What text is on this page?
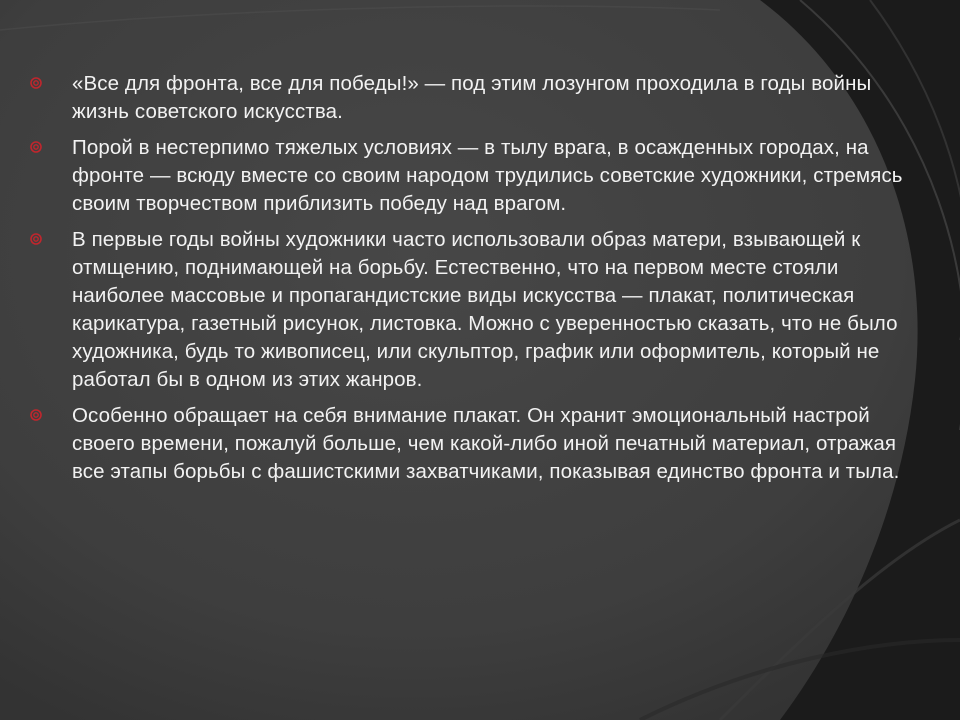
«Все для фронта, все для победы!» — под этим лозунгом проходила в годы войны жизнь советского искусства.
Порой в нестерпимо тяжелых условиях — в тылу врага, в осажденных городах, на фронте — всюду вместе со своим народом трудились советские художники, стремясь своим творчеством приблизить победу над врагом.
В первые годы войны художники часто использовали образ матери, взывающей к отмщению, поднимающей на борьбу. Естественно, что на первом месте стояли наиболее массовые и пропагандистские виды искусства — плакат, политическая карикатура, газетный рисунок, листовка. Можно с уверенностью сказать, что не было художника, будь то живописец, или скульптор, график или оформитель, который не работал бы в одном из этих жанров.
Особенно обращает на себя внимание плакат. Он хранит эмоциональный настрой своего времени, пожалуй больше, чем какой-либо иной печатный материал, отражая все этапы борьбы с фашистскими захватчиками, показывая единство фронта и тыла.
